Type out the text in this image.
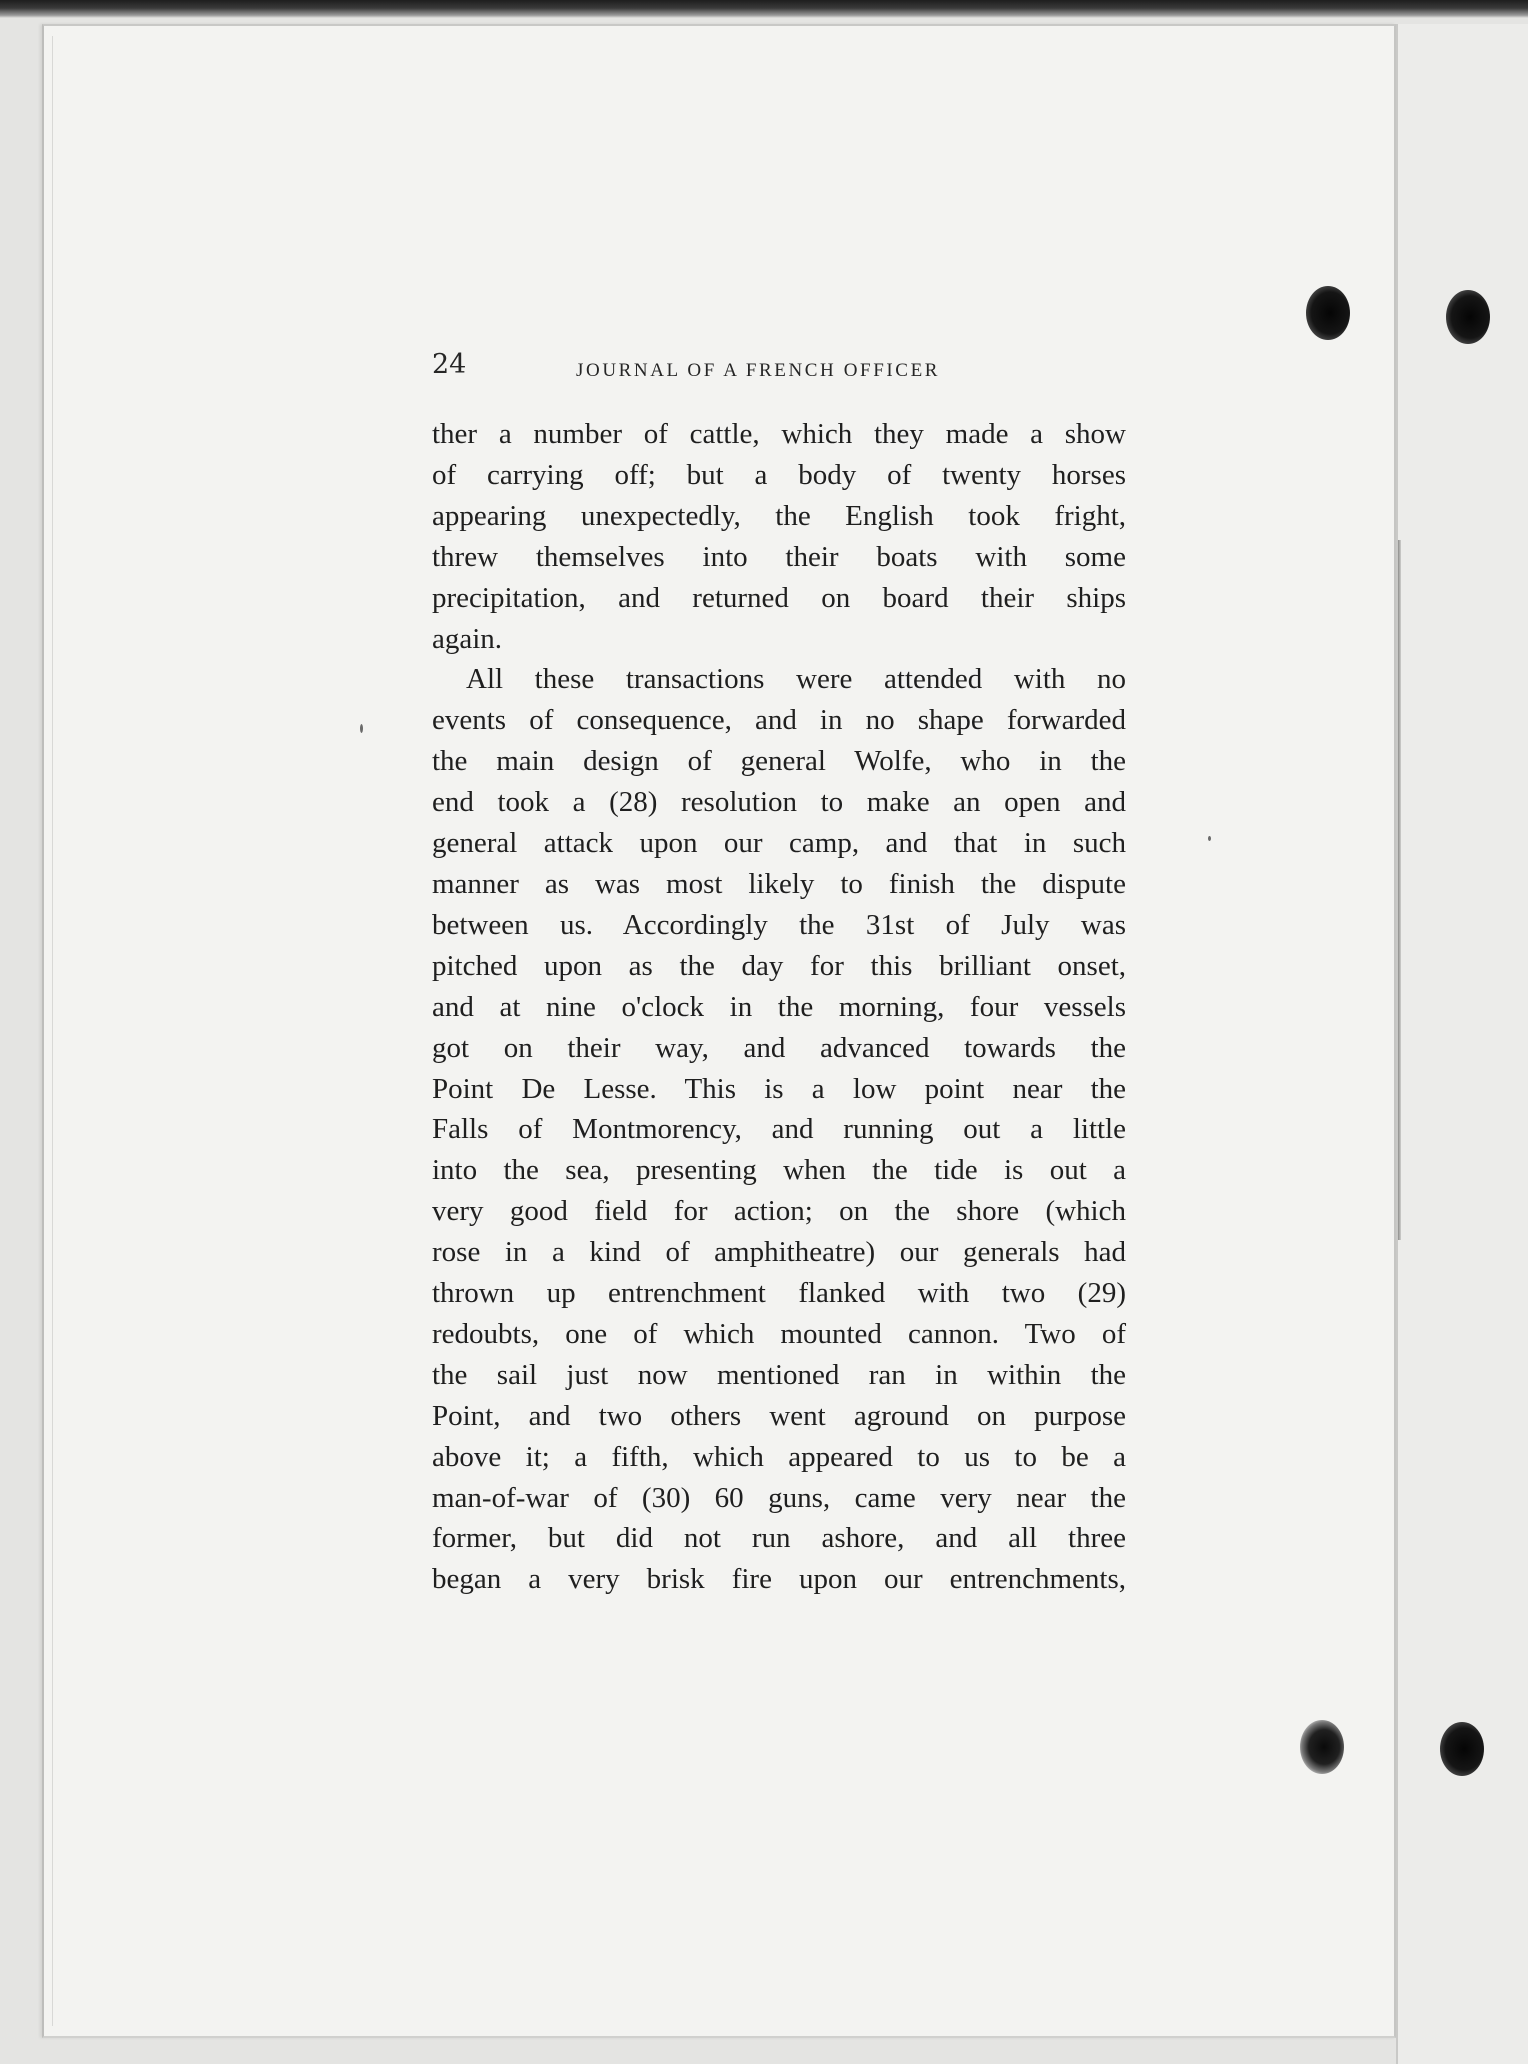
24	JOURNAL OF A FRENCH OFFICER
ther a number of cattle, which they made a show
of carrying off; but a body of twenty horses
appearing unexpectedly, the English took fright,
threw themselves into their boats with some
precipitation, and returned on board their ships
again.
All these transactions were attended with no
events of consequence, and in no shape forwarded
the main design of general Wolfe, who in the
end took a (28) resolution to make an open and
general attack upon our camp, and that in such
manner as was most likely to finish the dispute
between us. Accordingly the 31st of July was
pitched upon as the day for this brilliant onset,
and at nine o'clock in the morning, four vessels
got on their way, and advanced towards the
Point De Lesse. This is a low point near the
Falls of Montmorency, and running out a little
into the sea, presenting when the tide is out a
very good field for action; on the shore (which
rose in a kind of amphitheatre) our generals had
thrown up entrenchment flanked with two (29)
redoubts, one of which mounted cannon. Two of
the sail just now mentioned ran in within the
Point, and two others went aground on purpose
above it; a fifth, which appeared to us to be a
man-of-war of (30) 60 guns, came very near the
former, but did not run ashore, and all three
began a very brisk fire upon our entrenchments,
